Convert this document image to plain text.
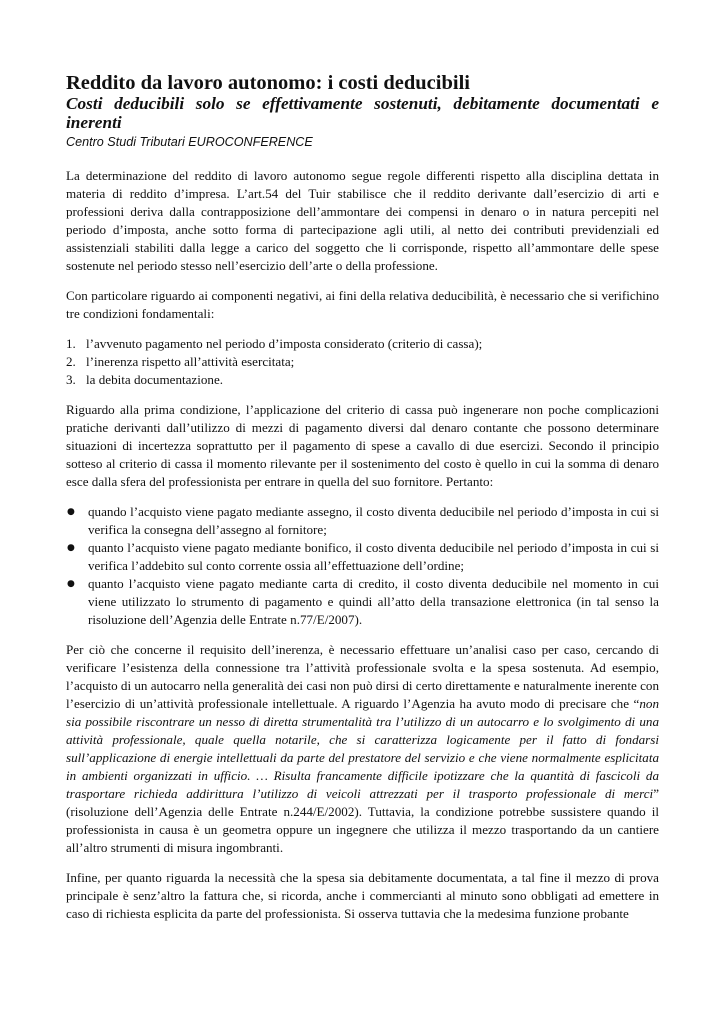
Reddito da lavoro autonomo: i costi deducibili
Costi deducibili solo se effettivamente sostenuti, debitamente documentati e inerenti

Centro Studi Tributari EUROCONFERENCE

La determinazione del reddito di lavoro autonomo segue regole differenti rispetto alla disciplina dettata in materia di reddito d’impresa. L’art.54 del Tuir stabilisce che il reddito derivante dall’esercizio di arti e professioni deriva dalla contrapposizione dell’ammontare dei compensi in denaro o in natura percepiti nel periodo d’imposta, anche sotto forma di partecipazione agli utili, al netto dei contributi previdenziali ed assistenziali stabiliti dalla legge a carico del soggetto che li corrisponde, rispetto all’ammontare delle spese sostenute nel periodo stesso nell’esercizio dell’arte o della professione.

Con particolare riguardo ai componenti negativi, ai fini della relativa deducibilità, è necessario che si verifichino tre condizioni fondamentali:

1. l’avvenuto pagamento nel periodo d’imposta considerato (criterio di cassa);
2. l’inerenza rispetto all’attività esercitata;
3. la debita documentazione.

Riguardo alla prima condizione, l’applicazione del criterio di cassa può ingenerare non poche complicazioni pratiche derivanti dall’utilizzo di mezzi di pagamento diversi dal denaro contante che possono determinare situazioni di incertezza soprattutto per il pagamento di spese a cavallo di due esercizi. Secondo il principio sotteso al criterio di cassa il momento rilevante per il sostenimento del costo è quello in cui la somma di denaro esce dalla sfera del professionista per entrare in quella del suo fornitore. Pertanto:

●	quando l’acquisto viene pagato mediante assegno, il costo diventa deducibile nel periodo d’imposta in cui si verifica la consegna dell’assegno al fornitore;
●	quanto l’acquisto viene pagato mediante bonifico, il costo diventa deducibile nel periodo d’imposta in cui si verifica l’addebito sul conto corrente ossia all’effettuazione dell’ordine;
●	quanto l’acquisto viene pagato mediante carta di credito, il costo diventa deducibile nel momento in cui viene utilizzato lo strumento di pagamento e quindi all’atto della transazione elettronica (in tal senso la risoluzione dell’Agenzia delle Entrate n.77/E/2007).

Per ciò che concerne il requisito dell’inerenza, è necessario effettuare un’analisi caso per caso, cercando di verificare l’esistenza della connessione tra l’attività professionale svolta e la spesa sostenuta. Ad esempio, l’acquisto di un autocarro nella generalità dei casi non può dirsi di certo direttamente e naturalmente inerente con l’esercizio di un’attività professionale intellettuale. A riguardo l’Agenzia ha avuto modo di precisare che “non sia possibile riscontrare un nesso di diretta strumentalità tra l’utilizzo di un autocarro e lo svolgimento di una attività professionale, quale quella notarile, che si caratterizza logicamente per il fatto di fondarsi sull’applicazione di energie intellettuali da parte del prestatore del servizio e che viene normalmente esplicitata in ambienti organizzati in ufficio. … Risulta francamente difficile ipotizzare che la quantità di fascicoli da trasportare richieda addirittura l’utilizzo di veicoli attrezzati per il trasporto professionale di merci” (risoluzione dell’Agenzia delle Entrate n.244/E/2002). Tuttavia, la condizione potrebbe sussistere quando il professionista in causa è un geometra oppure un ingegnere che utilizza il mezzo trasportando da un cantiere all’altro strumenti di misura ingombranti.

Infine, per quanto riguarda la necessità che la spesa sia debitamente documentata, a tal fine il mezzo di prova principale è senz’altro la fattura che, si ricorda, anche i commercianti al minuto sono obbligati ad emettere in caso di richiesta esplicita da parte del professionista. Si osserva tuttavia che la medesima funzione probante
